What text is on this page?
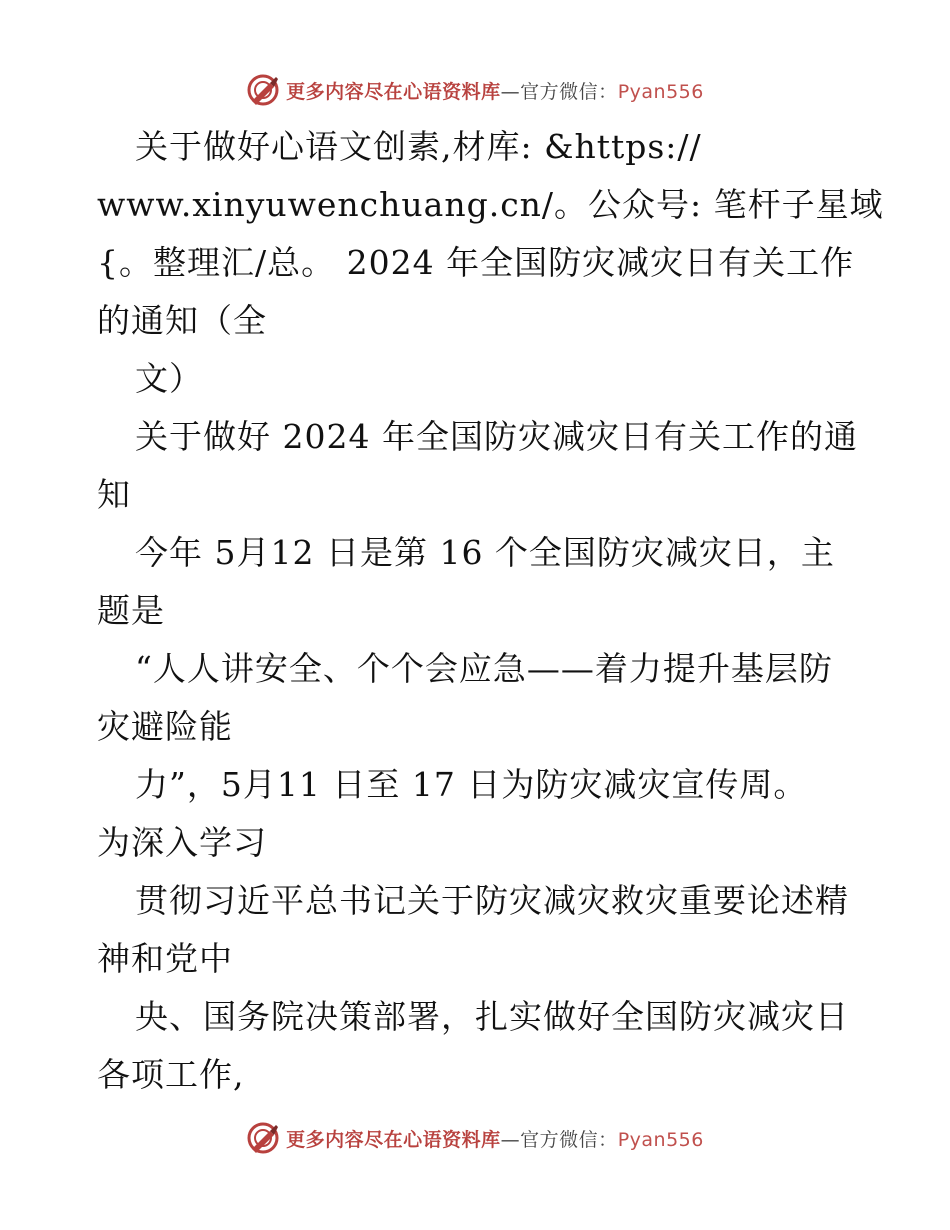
更多内容尽在心语资料库—官方微信：Pyan556
关于做好心语文创素,材库: &https://
www.xinyuwenchuang.cn/。公众号: 笔杆子星域
{。整理汇/总。 2024 年全国防灾减灾日有关工作
的通知（全
文）
关于做好 2024 年全国防灾减灾日有关工作的通
知
今年 5月12 日是第 16 个全国防灾减灾日，主
题是
“人人讲安全、个个会应急——着力提升基层防
灾避险能
力”，5月11 日至 17 日为防灾减灾宣传周。
为深入学习
贯彻习近平总书记关于防灾减灾救灾重要论述精
神和党中
央、国务院决策部署，扎实做好全国防灾减灾日
各项工作,
更多内容尽在心语资料库—官方微信：Pyan556
